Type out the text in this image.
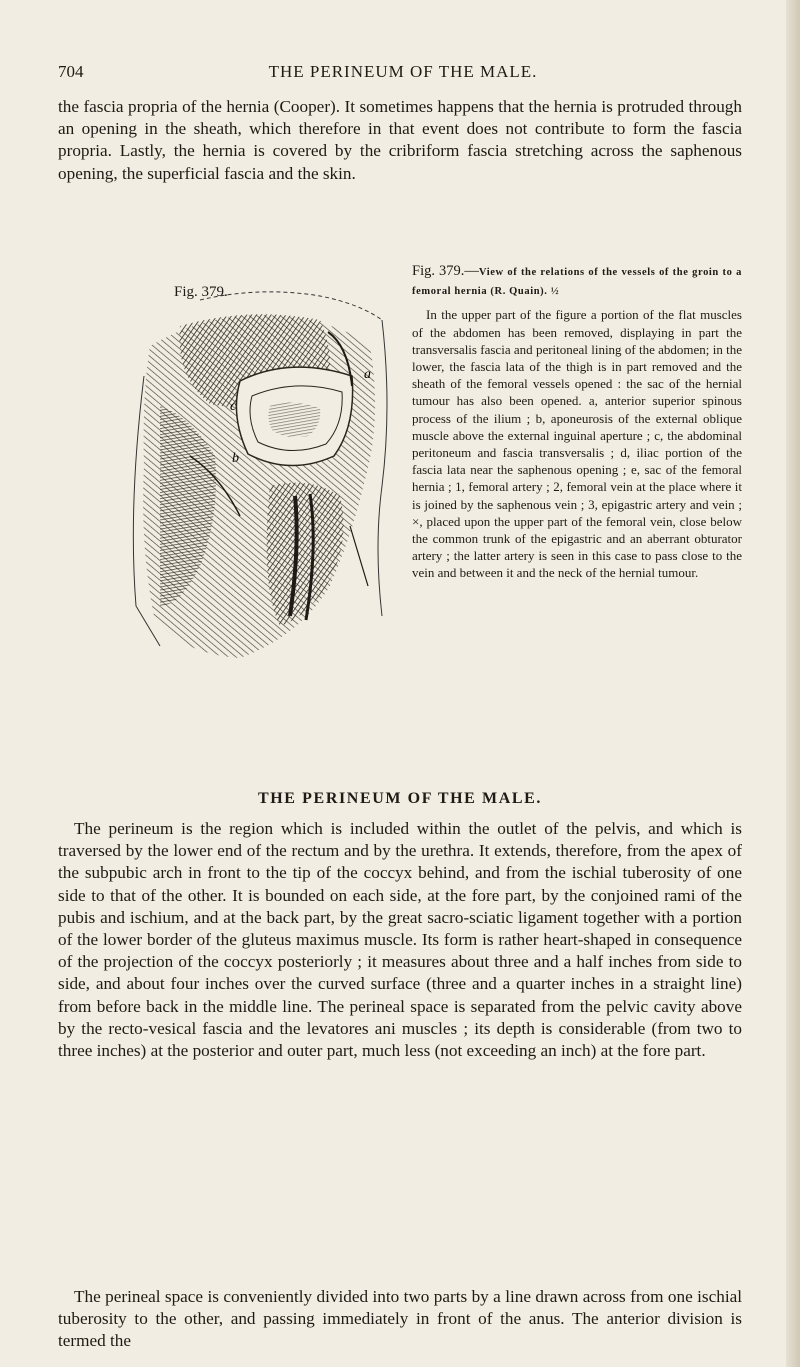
704	THE PERINEUM OF THE MALE.

the fascia propria of the hernia (Cooper). It sometimes happens that the hernia is protruded through an opening in the sheath, which therefore in that event does not contribute to form the fascia propria. Lastly, the hernia is covered by the cribriform fascia stretching across the saphenous opening, the superficial fascia and the skin.

Fig. 379.
a
b
c

Fig. 379.—View of the relations of the vessels of the groin to a femoral hernia (R. Quain). ½

In the upper part of the figure a portion of the flat muscles of the abdomen has been removed, displaying in part the transversalis fascia and peritoneal lining of the abdomen; in the lower, the fascia lata of the thigh is in part removed and the sheath of the femoral vessels opened : the sac of the hernial tumour has also been opened. a, anterior superior spinous process of the ilium ; b, aponeurosis of the external oblique muscle above the external inguinal aperture ; c, the abdominal peritoneum and fascia transversalis ; d, iliac portion of the fascia lata near the saphenous opening ; e, sac of the femoral hernia ; 1, femoral artery ; 2, femoral vein at the place where it is joined by the saphenous vein ; 3, epigastric artery and vein ; ×, placed upon the upper part of the femoral vein, close below the common trunk of the epigastric and an aberrant obturator artery ; the latter artery is seen in this case to pass close to the vein and between it and the neck of the hernial tumour.

THE PERINEUM OF THE MALE.

The perineum is the region which is included within the outlet of the pelvis, and which is traversed by the lower end of the rectum and by the urethra. It extends, therefore, from the apex of the subpubic arch in front to the tip of the coccyx behind, and from the ischial tuberosity of one side to that of the other. It is bounded on each side, at the fore part, by the conjoined rami of the pubis and ischium, and at the back part, by the great sacro-sciatic ligament together with a portion of the lower border of the gluteus maximus muscle. Its form is rather heart-shaped in consequence of the projection of the coccyx posteriorly ; it measures about three and a half inches from side to side, and about four inches over the curved surface (three and a quarter inches in a straight line) from before back in the middle line. The perineal space is separated from the pelvic cavity above by the recto-vesical fascia and the levatores ani muscles ; its depth is considerable (from two to three inches) at the posterior and outer part, much less (not exceeding an inch) at the fore part.

The perineal space is conveniently divided into two parts by a line drawn across from one ischial tuberosity to the other, and passing immediately in front of the anus. The anterior division is termed the
